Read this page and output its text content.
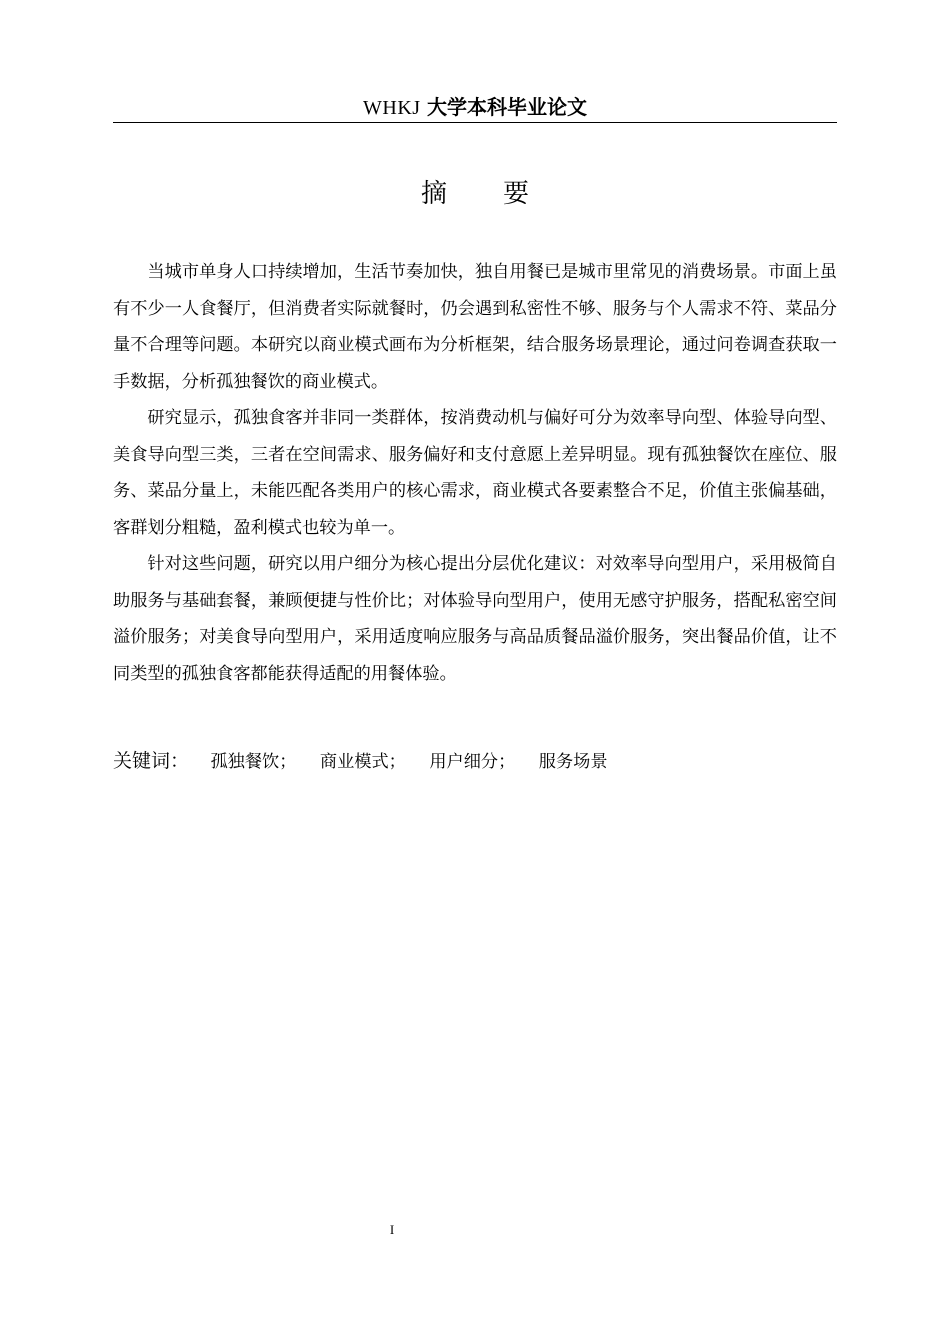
WHKJ 大学本科毕业论文
摘要

当城市单身人口持续增加，生活节奏加快，独自用餐已是城市里常见的消费场景。市面上虽有不少一人食餐厅，但消费者实际就餐时，仍会遇到私密性不够、服务与个人需求不符、菜品分量不合理等问题。本研究以商业模式画布为分析框架，结合服务场景理论，通过问卷调查获取一手数据，分析孤独餐饮的商业模式。

研究显示，孤独食客并非同一类群体，按消费动机与偏好可分为效率导向型、体验导向型、美食导向型三类，三者在空间需求、服务偏好和支付意愿上差异明显。现有孤独餐饮在座位、服务、菜品分量上，未能匹配各类用户的核心需求，商业模式各要素整合不足，价值主张偏基础，客群划分粗糙，盈利模式也较为单一。

针对这些问题，研究以用户细分为核心提出分层优化建议：对效率导向型用户，采用极简自助服务与基础套餐，兼顾便捷与性价比；对体验导向型用户，使用无感守护服务，搭配私密空间溢价服务；对美食导向型用户，采用适度响应服务与高品质餐品溢价服务，突出餐品价值，让不同类型的孤独食客都能获得适配的用餐体验。

关键词： 孤独餐饮； 商业模式； 用户细分； 服务场景
I
